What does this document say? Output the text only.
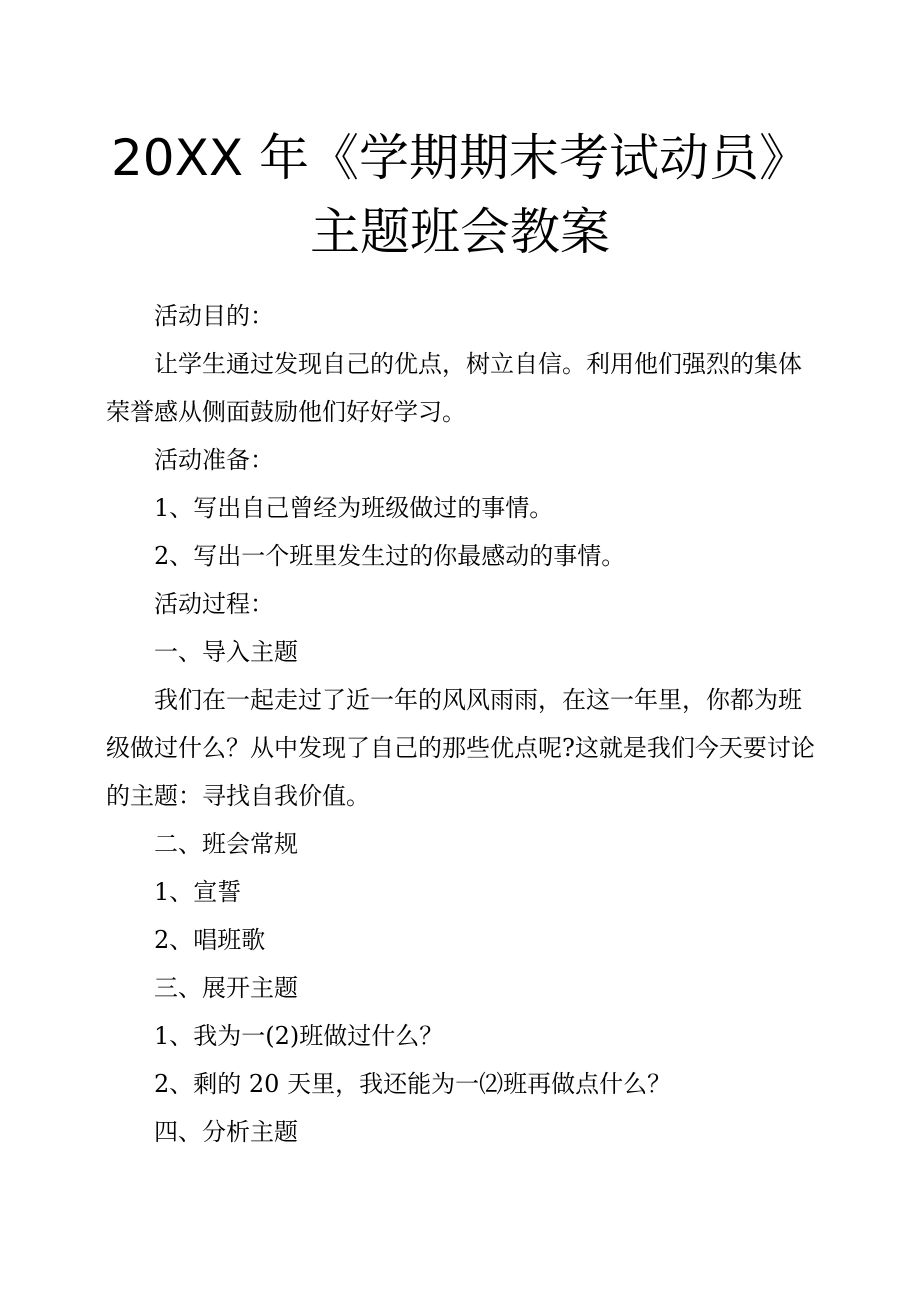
20XX 年《学期期末考试动员》
主题班会教案
活动目的：
让学生通过发现自己的优点，树立自信。利用他们强烈的集体
荣誉感从侧面鼓励他们好好学习。
活动准备：
1、写出自己曾经为班级做过的事情。
2、写出一个班里发生过的你最感动的事情。
活动过程：
一、导入主题
我们在一起走过了近一年的风风雨雨，在这一年里，你都为班
级做过什么？从中发现了自己的那些优点呢?这就是我们今天要讨论
的主题：寻找自我价值。
二、班会常规
1、宣誓
2、唱班歌
三、展开主题
1、我为一(2)班做过什么？
2、剩的 20 天里，我还能为一⑵班再做点什么？
四、分析主题
